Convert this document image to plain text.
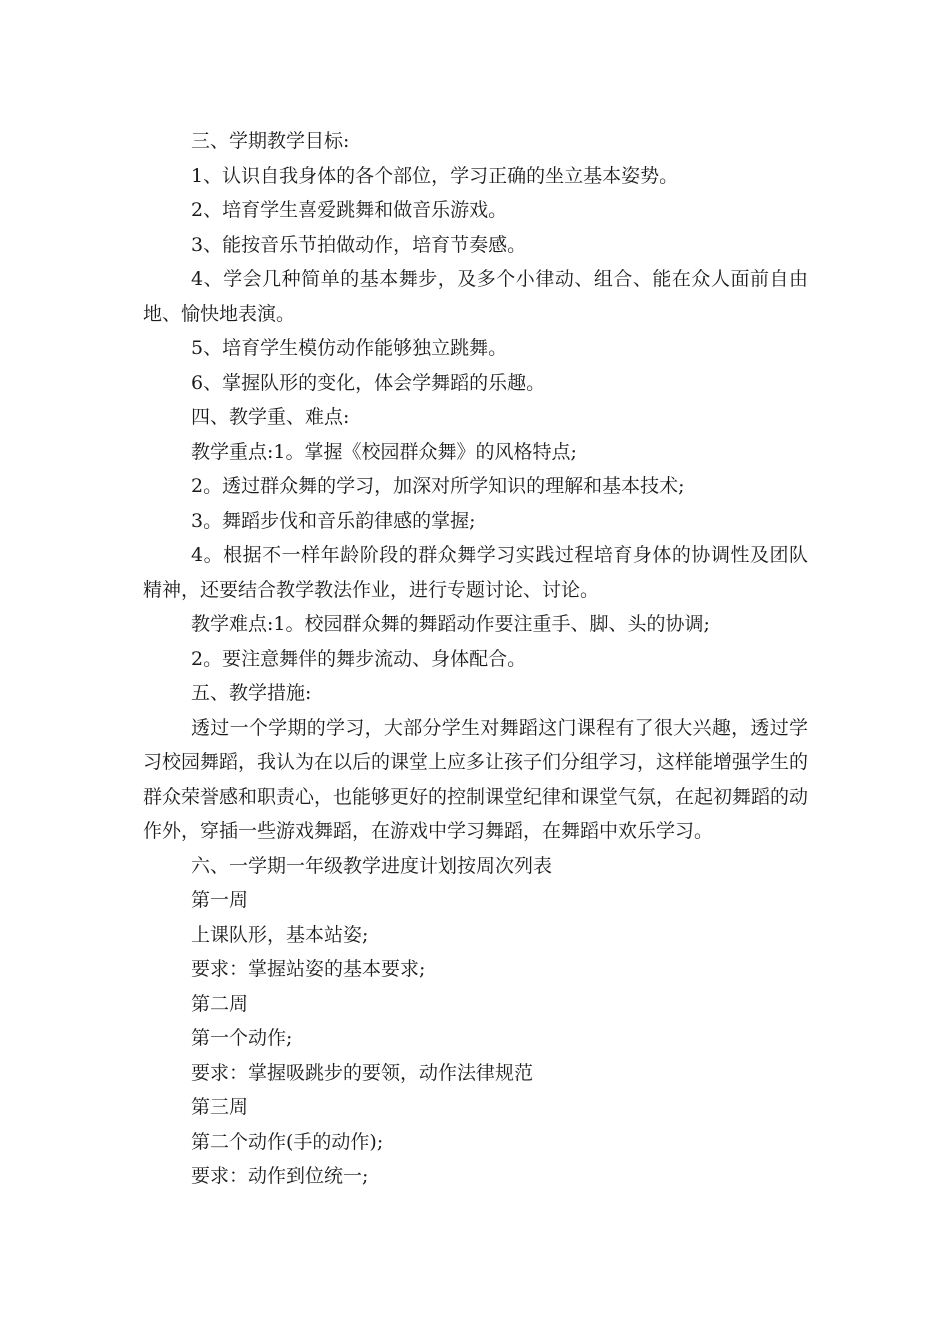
三、学期教学目标:

1、认识自我身体的各个部位，学习正确的坐立基本姿势。

2、培育学生喜爱跳舞和做音乐游戏。

3、能按音乐节拍做动作，培育节奏感。

4、学会几种简单的基本舞步，及多个小律动、组合、能在众人面前自由地、愉快地表演。

5、培育学生模仿动作能够独立跳舞。

6、掌握队形的变化，体会学舞蹈的乐趣。

四、教学重、难点:

教学重点:1。掌握《校园群众舞》的风格特点;

2。透过群众舞的学习，加深对所学知识的理解和基本技术;

3。舞蹈步伐和音乐韵律感的掌握;

4。根据不一样年龄阶段的群众舞学习实践过程培育身体的协调性及团队精神，还要结合教学教法作业，进行专题讨论、讨论。

教学难点:1。校园群众舞的舞蹈动作要注重手、脚、头的协调;

2。要注意舞伴的舞步流动、身体配合。

五、教学措施:

透过一个学期的学习，大部分学生对舞蹈这门课程有了很大兴趣，透过学习校园舞蹈，我认为在以后的课堂上应多让孩子们分组学习，这样能增强学生的群众荣誉感和职责心，也能够更好的控制课堂纪律和课堂气氛，在起初舞蹈的动作外，穿插一些游戏舞蹈，在游戏中学习舞蹈，在舞蹈中欢乐学习。

六、一学期一年级教学进度计划按周次列表

第一周

上课队形，基本站姿;

要求：掌握站姿的基本要求;

第二周

第一个动作;

要求：掌握吸跳步的要领，动作法律规范

第三周

第二个动作(手的动作);

要求：动作到位统一;
